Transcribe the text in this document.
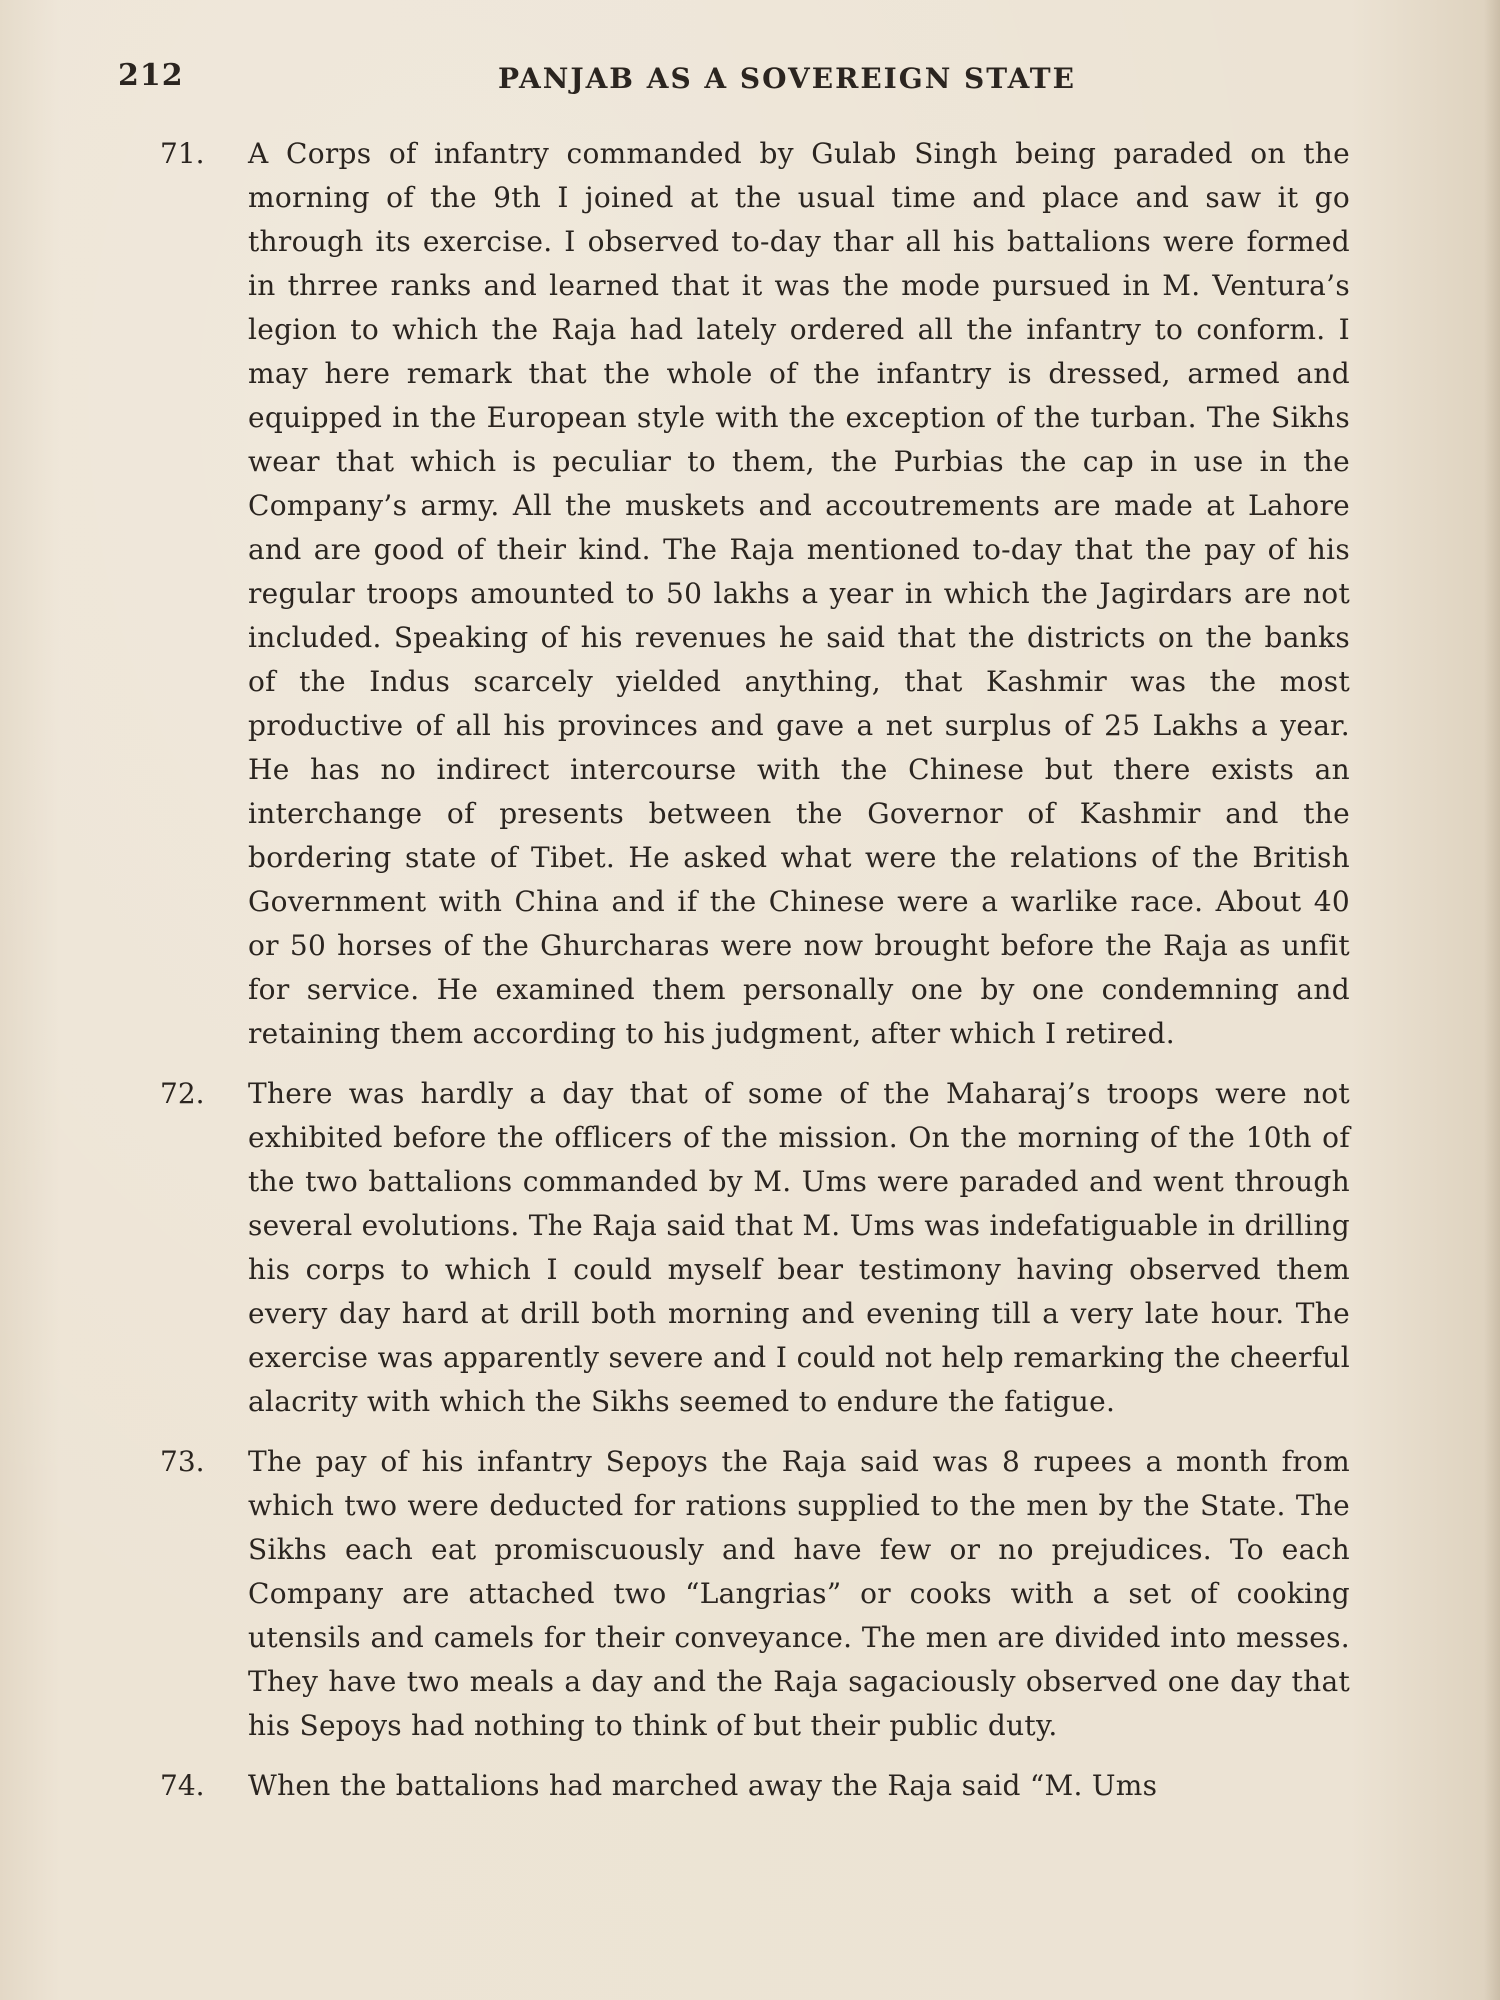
212	PANJAB AS A SOVEREIGN STATE
71. A Corps of infantry commanded by Gulab Singh being paraded on the morning of the 9th I joined at the usual time and place and saw it go through its exercise. I observed to-day thar all his battalions were formed in thrree ranks and learned that it was the mode pursued in M. Ventura’s legion to which the Raja had lately ordered all the infantry to conform. I may here remark that the whole of the infantry is dressed, armed and equipped in the European style with the exception of the turban. The Sikhs wear that which is peculiar to them, the Purbias the cap in use in the Company’s army. All the muskets and accoutrements are made at Lahore and are good of their kind. The Raja mentioned to-day that the pay of his regular troops amounted to 50 lakhs a year in which the Jagirdars are not included. Speaking of his revenues he said that the districts on the banks of the Indus scarcely yielded anything, that Kashmir was the most productive of all his provinces and gave a net surplus of 25 Lakhs a year. He has no indirect intercourse with the Chinese but there exists an interchange of presents between the Governor of Kashmir and the bordering state of Tibet. He asked what were the relations of the British Government with China and if the Chinese were a warlike race. About 40 or 50 horses of the Ghurcharas were now brought before the Raja as unfit for service. He examined them personally one by one condemning and retaining them according to his judgment, after which I retired.
72. There was hardly a day that of some of the Maharaj’s troops were not exhibited before the offlicers of the mission. On the morning of the 10th of the two battalions commanded by M. Ums were paraded and went through several evolutions. The Raja said that M. Ums was indefatiguable in drilling his corps to which I could myself bear testimony having observed them every day hard at drill both morning and evening till a very late hour. The exercise was apparently severe and I could not help remarking the cheerful alacrity with which the Sikhs seemed to endure the fatigue.
73. The pay of his infantry Sepoys the Raja said was 8 rupees a month from which two were deducted for rations supplied to the men by the State. The Sikhs each eat promiscuously and have few or no prejudices. To each Company are attached two “Langrias” or cooks with a set of cooking utensils and camels for their conveyance. The men are divided into messes. They have two meals a day and the Raja sagaciously observed one day that his Sepoys had nothing to think of but their public duty.
74. When the battalions had marched away the Raja said “M. Ums
